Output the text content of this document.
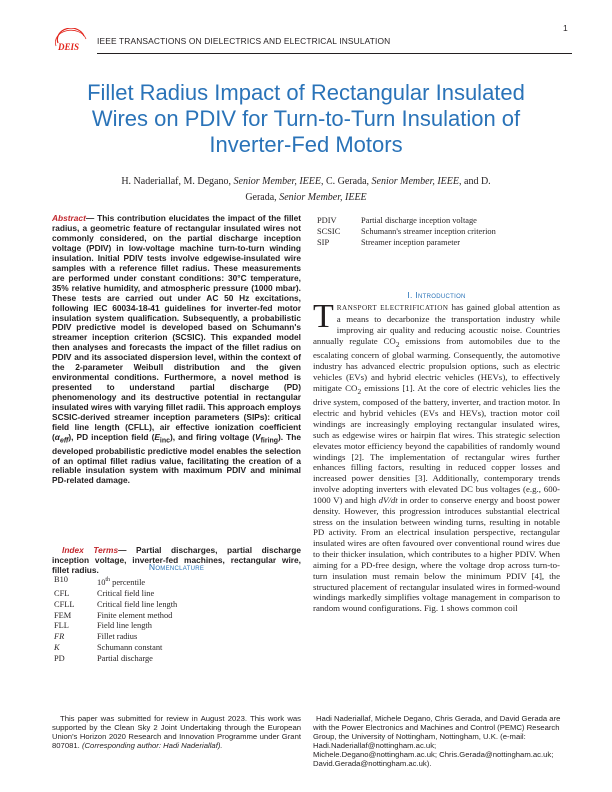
DEIS
IEEE TRANSACTIONS ON DIELECTRICS AND ELECTRICAL INSULATION
1
Fillet Radius Impact of Rectangular Insulated Wires on PDIV for Turn-to-Turn Insulation of Inverter-Fed Motors
H. Naderiallaf, M. Degano, Senior Member, IEEE, C. Gerada, Senior Member, IEEE, and D. Gerada, Senior Member, IEEE
Abstract— This contribution elucidates the impact of the fillet radius, a geometric feature of rectangular insulated wires not commonly considered, on the partial discharge inception voltage (PDIV) in low-voltage machine turn-to-turn winding insulation. Initial PDIV tests involve edgewise-insulated wire samples with a reference fillet radius. These measurements are performed under constant conditions: 30°C temperature, 35% relative humidity, and atmospheric pressure (1000 mbar). These tests are carried out under AC 50 Hz excitations, following IEC 60034-18-41 guidelines for inverter-fed motor insulation system qualification. Subsequently, a probabilistic PDIV predictive model is developed based on Schumann's streamer inception criterion (SCSIC). This expanded model then analyses and forecasts the impact of the fillet radius on PDIV and its associated dispersion level, within the context of the 2-parameter Weibull distribution and the given environmental conditions. Furthermore, a novel method is presented to understand partial discharge (PD) phenomenology and its destructive potential in rectangular insulated wires with varying fillet radii. This approach employs SCSIC-derived streamer inception parameters (SIPs): critical field line length (CFLL), air effective ionization coefficient $(\alpha_{eff})$, PD inception field $(E_{inc})$, and firing voltage $(V_{firing})$. The developed probabilistic predictive model enables the selection of an optimal fillet radius value, facilitating the creation of a reliable insulation system with maximum PDIV and minimal PD-related damage.
Index Terms— Partial discharges, partial discharge inception voltage, inverter-fed machines, rectangular wire, fillet radius.	Nomenclature
B10	10th percentile
CFL	Critical field line
CFLL	Critical field line length
FEM	Finite element method
FLL	Field line length
FR	Fillet radius
K	Schumann constant
PD	Partial discharge
PDIV	Partial discharge inception voltage
SCSIC	Schumann's streamer inception criterion
SIP	Streamer inception parameter
I. Introduction
TRANSPORT ELECTRIFICATION has gained global attention as a means to decarbonize the transportation industry while improving air quality and reducing acoustic noise. Countries annually regulate $CO_2$ emissions from automobiles due to the escalating concern of global warming. Consequently, the automotive industry has advanced electric propulsion options, such as electric vehicles (EVs) and hybrid electric vehicles (HEVs), to effectively mitigate $CO_2$ emissions [1]. At the core of electric vehicles lies the drive system, composed of the battery, inverter, and traction motor. In electric and hybrid vehicles (EVs and HEVs), traction motor coil windings are increasingly employing rectangular insulated wires, such as edgewise wires or hairpin flat wires. This strategic selection elevates motor efficiency beyond the capabilities of randomly wound windings [2]. The implementation of rectangular wires further enhances filling factors, resulting in reduced copper losses and increased power densities [3]. Additionally, contemporary trends involve adopting inverters with elevated DC bus voltages (e.g., 600-1000 V) and high dV/dt in order to conserve energy and boost power density. However, this progression introduces substantial electrical stress on the insulation between winding turns, resulting in notable PD activity. From an electrical insulation perspective, rectangular insulated wires are often favoured over conventional round wires due to their thicker insulation, which contributes to a higher PDIV. When aiming for a PD-free design, where the voltage drop across turn-to-turn insulation must remain below the minimum PDIV [4], the structured placement of rectangular insulated wires in formed-wound windings markedly simplifies voltage management in comparison to random wound configurations. Fig. 1 shows common coil
This paper was submitted for review in August 2023. This work was supported by the Clean Sky 2 Joint Undertaking through the European Union's Horizon 2020 Research and Innovation Programme under Grant 807081. (Corresponding author: Hadi Naderiallaf).
Hadi Naderiallaf, Michele Degano, Chris Gerada, and David Gerada are with the Power Electronics and Machines and Control (PEMC) Research Group, the University of Nottingham, Nottingham, U.K. (e-mail: Hadi.Naderiallaf@nottingham.ac.uk; Michele.Degano@nottingham.ac.uk; Chris.Gerada@nottingham.ac.uk; David.Gerada@nottingham.ac.uk).
